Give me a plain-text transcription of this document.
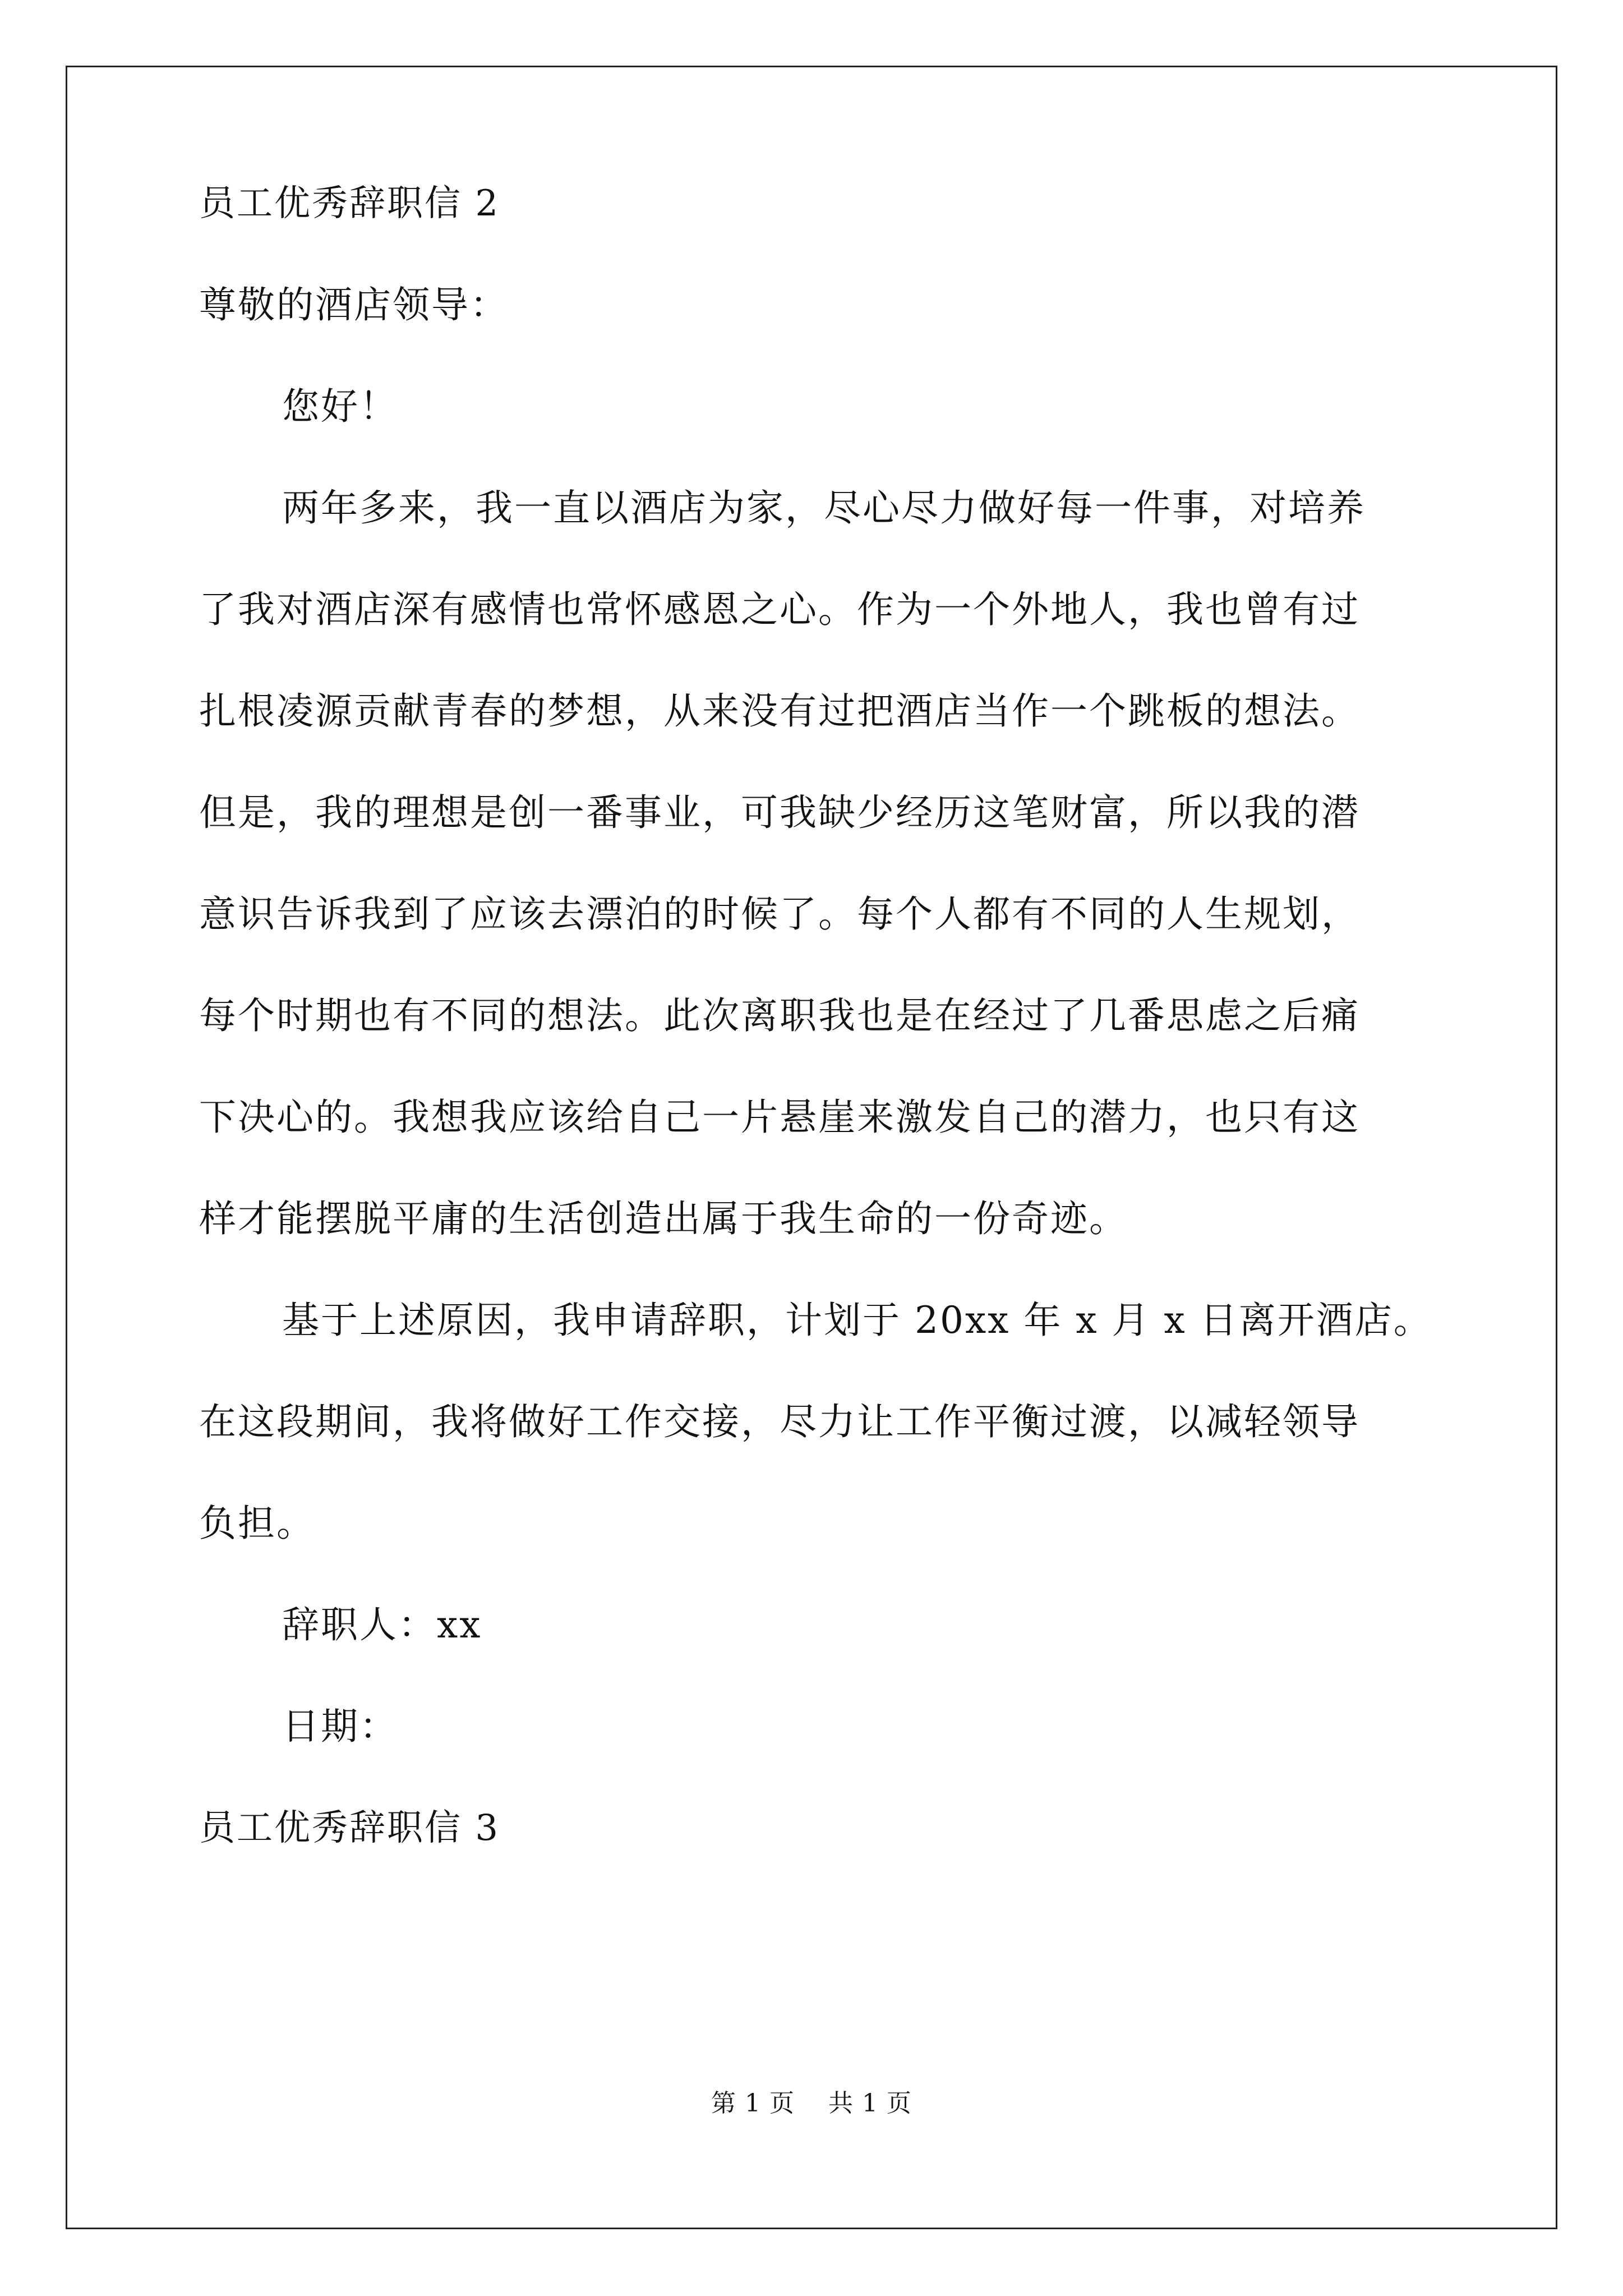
员工优秀辞职信 2
尊敬的酒店领导：
您好！
两年多来，我一直以酒店为家，尽心尽力做好每一件事，对培养
了我对酒店深有感情也常怀感恩之心。作为一个外地人，我也曾有过
扎根凌源贡献青春的梦想，从来没有过把酒店当作一个跳板的想法。
但是，我的理想是创一番事业，可我缺少经历这笔财富，所以我的潜
意识告诉我到了应该去漂泊的时候了。每个人都有不同的人生规划，
每个时期也有不同的想法。此次离职我也是在经过了几番思虑之后痛
下决心的。我想我应该给自己一片悬崖来激发自己的潜力，也只有这
样才能摆脱平庸的生活创造出属于我生命的一份奇迹。
基于上述原因，我申请辞职，计划于 20xx 年 x 月 x 日离开酒店。
在这段期间，我将做好工作交接，尽力让工作平衡过渡，以减轻领导
负担。
辞职人：xx
日期：
员工优秀辞职信 3
第 1 页    共 1 页
